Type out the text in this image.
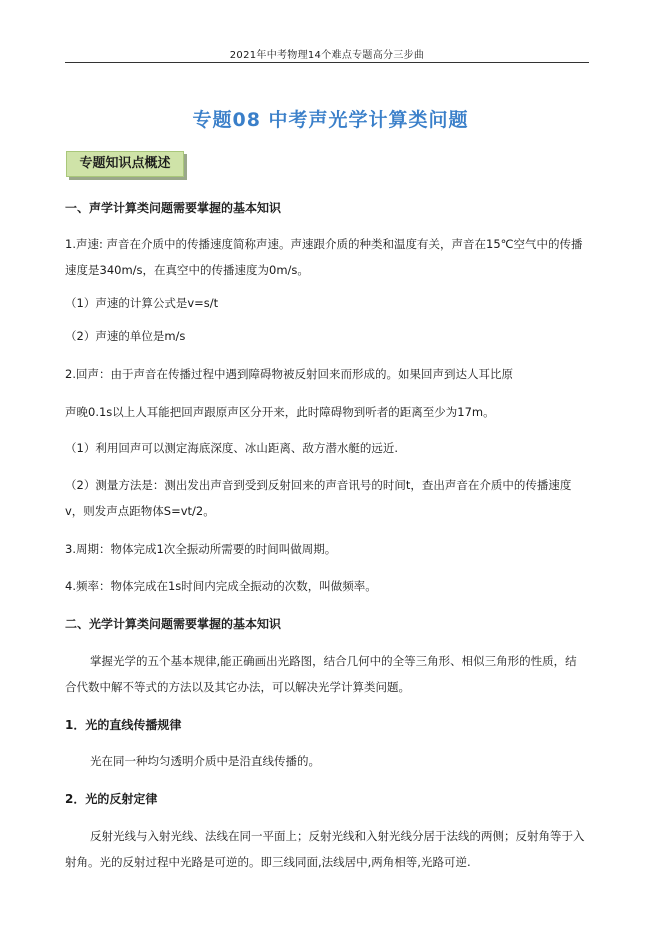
2021年中考物理14个难点专题高分三步曲
专题08 中考声光学计算类问题
专题知识点概述
一、声学计算类问题需要掌握的基本知识
1.声速: 声音在介质中的传播速度简称声速。声速跟介质的种类和温度有关，声音在15℃空气中的传播
速度是340m/s，在真空中的传播速度为0m/s。
（1）声速的计算公式是v=s/t
（2）声速的单位是m/s
2.回声：由于声音在传播过程中遇到障碍物被反射回来而形成的。如果回声到达人耳比原
声晚0.1s以上人耳能把回声跟原声区分开来，此时障碍物到听者的距离至少为17m。
（1）利用回声可以测定海底深度、冰山距离、敌方潜水艇的远近.
（2）测量方法是：测出发出声音到受到反射回来的声音讯号的时间t，查出声音在介质中的传播速度
v，则发声点距物体S=vt/2。
3.周期：物体完成1次全振动所需要的时间叫做周期。
4.频率：物体完成在1s时间内完成全振动的次数，叫做频率。
二、光学计算类问题需要掌握的基本知识
掌握光学的五个基本规律,能正确画出光路图，结合几何中的全等三角形、相似三角形的性质，结
合代数中解不等式的方法以及其它办法，可以解决光学计算类问题。
1．光的直线传播规律
光在同一种均匀透明介质中是沿直线传播的。
2．光的反射定律
反射光线与入射光线、法线在同一平面上；反射光线和入射光线分居于法线的两侧；反射角等于入
射角。光的反射过程中光路是可逆的。即三线同面,法线居中,两角相等,光路可逆.
